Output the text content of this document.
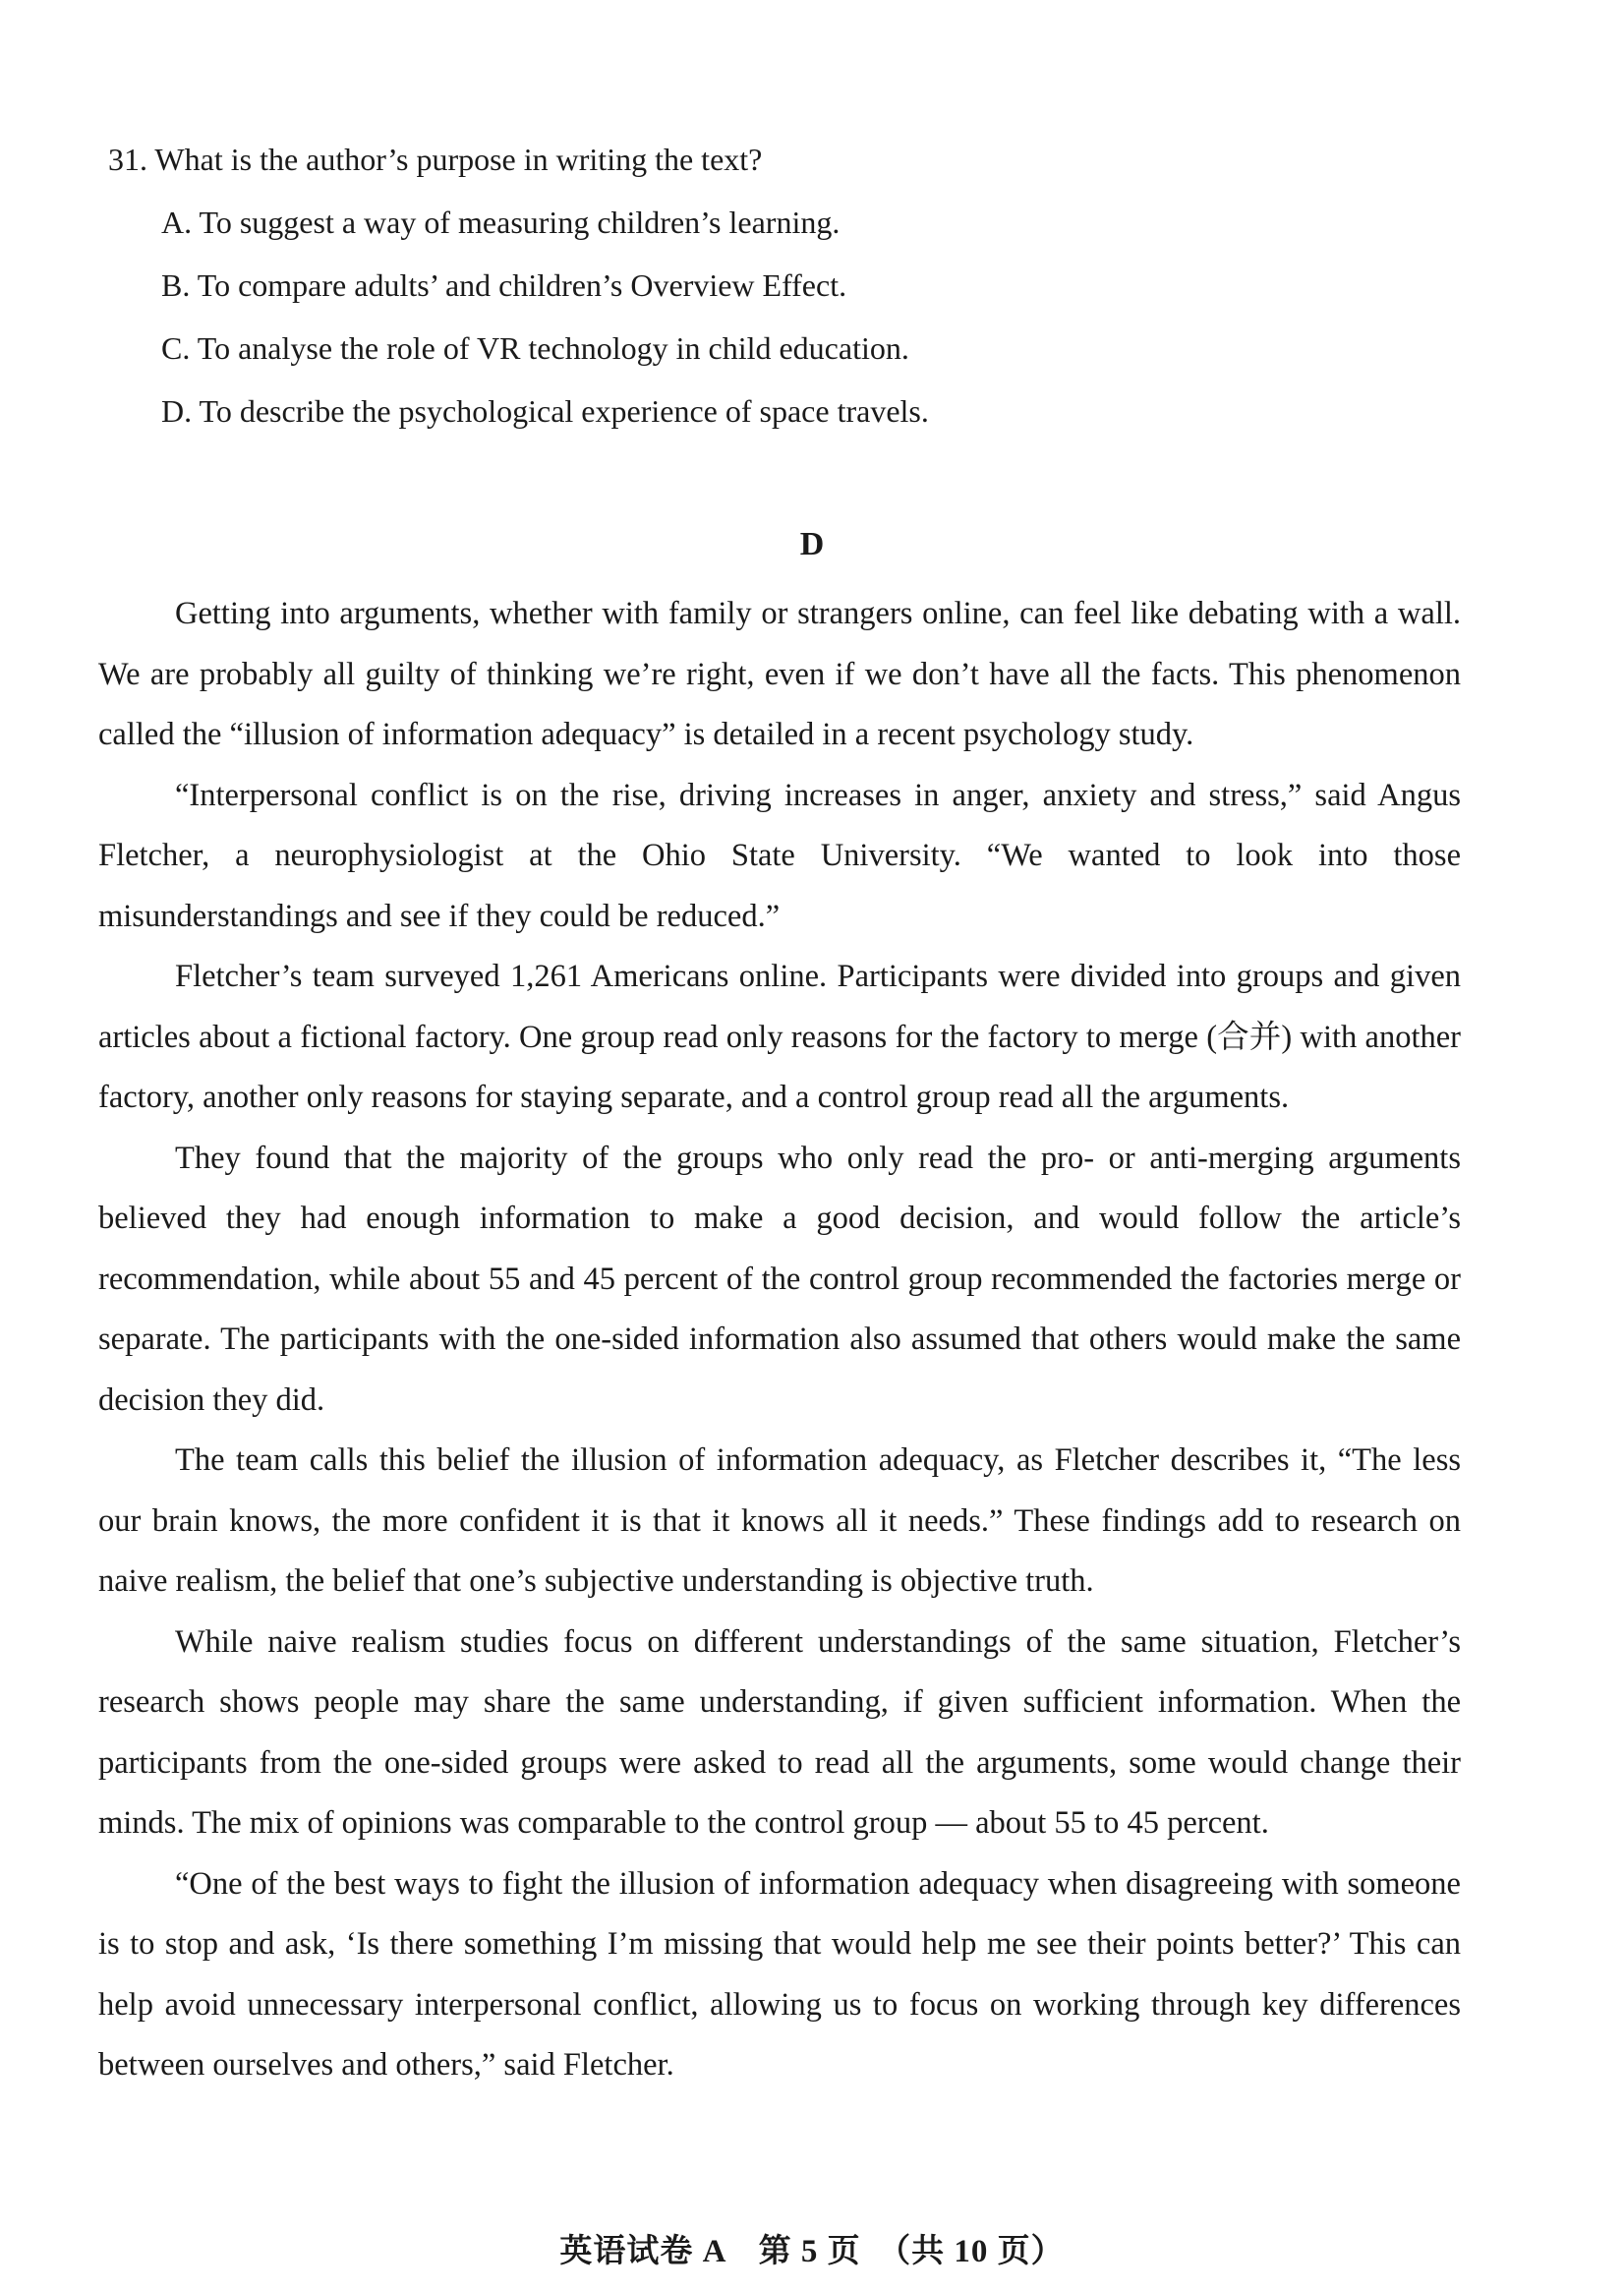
31. What is the author’s purpose in writing the text?

A. To suggest a way of measuring children’s learning.

B. To compare adults’ and children’s Overview Effect.

C. To analyse the role of VR technology in child education.

D. To describe the psychological experience of space travels.

D

Getting into arguments, whether with family or strangers online, can feel like debating with a wall. We are probably all guilty of thinking we’re right, even if we don’t have all the facts. This phenomenon called the “illusion of information adequacy” is detailed in a recent psychology study.

“Interpersonal conflict is on the rise, driving increases in anger, anxiety and stress,” said Angus Fletcher, a neurophysiologist at the Ohio State University. “We wanted to look into those misunderstandings and see if they could be reduced.”

Fletcher’s team surveyed 1,261 Americans online. Participants were divided into groups and given articles about a fictional factory. One group read only reasons for the factory to merge (合并) with another factory, another only reasons for staying separate, and a control group read all the arguments.

They found that the majority of the groups who only read the pro- or anti-merging arguments believed they had enough information to make a good decision, and would follow the article’s recommendation, while about 55 and 45 percent of the control group recommended the factories merge or separate. The participants with the one-sided information also assumed that others would make the same decision they did.

The team calls this belief the illusion of information adequacy, as Fletcher describes it, “The less our brain knows, the more confident it is that it knows all it needs.” These findings add to research on naive realism, the belief that one’s subjective understanding is objective truth.

While naive realism studies focus on different understandings of the same situation, Fletcher’s research shows people may share the same understanding, if given sufficient information. When the participants from the one-sided groups were asked to read all the arguments, some would change their minds. The mix of opinions was comparable to the control group — about 55 to 45 percent.

“One of the best ways to fight the illusion of information adequacy when disagreeing with someone is to stop and ask, ‘Is there something I’m missing that would help me see their points better?’ This can help avoid unnecessary interpersonal conflict, allowing us to focus on working through key differences between ourselves and others,” said Fletcher.

英语试卷 A　第 5 页　（共 10 页）
